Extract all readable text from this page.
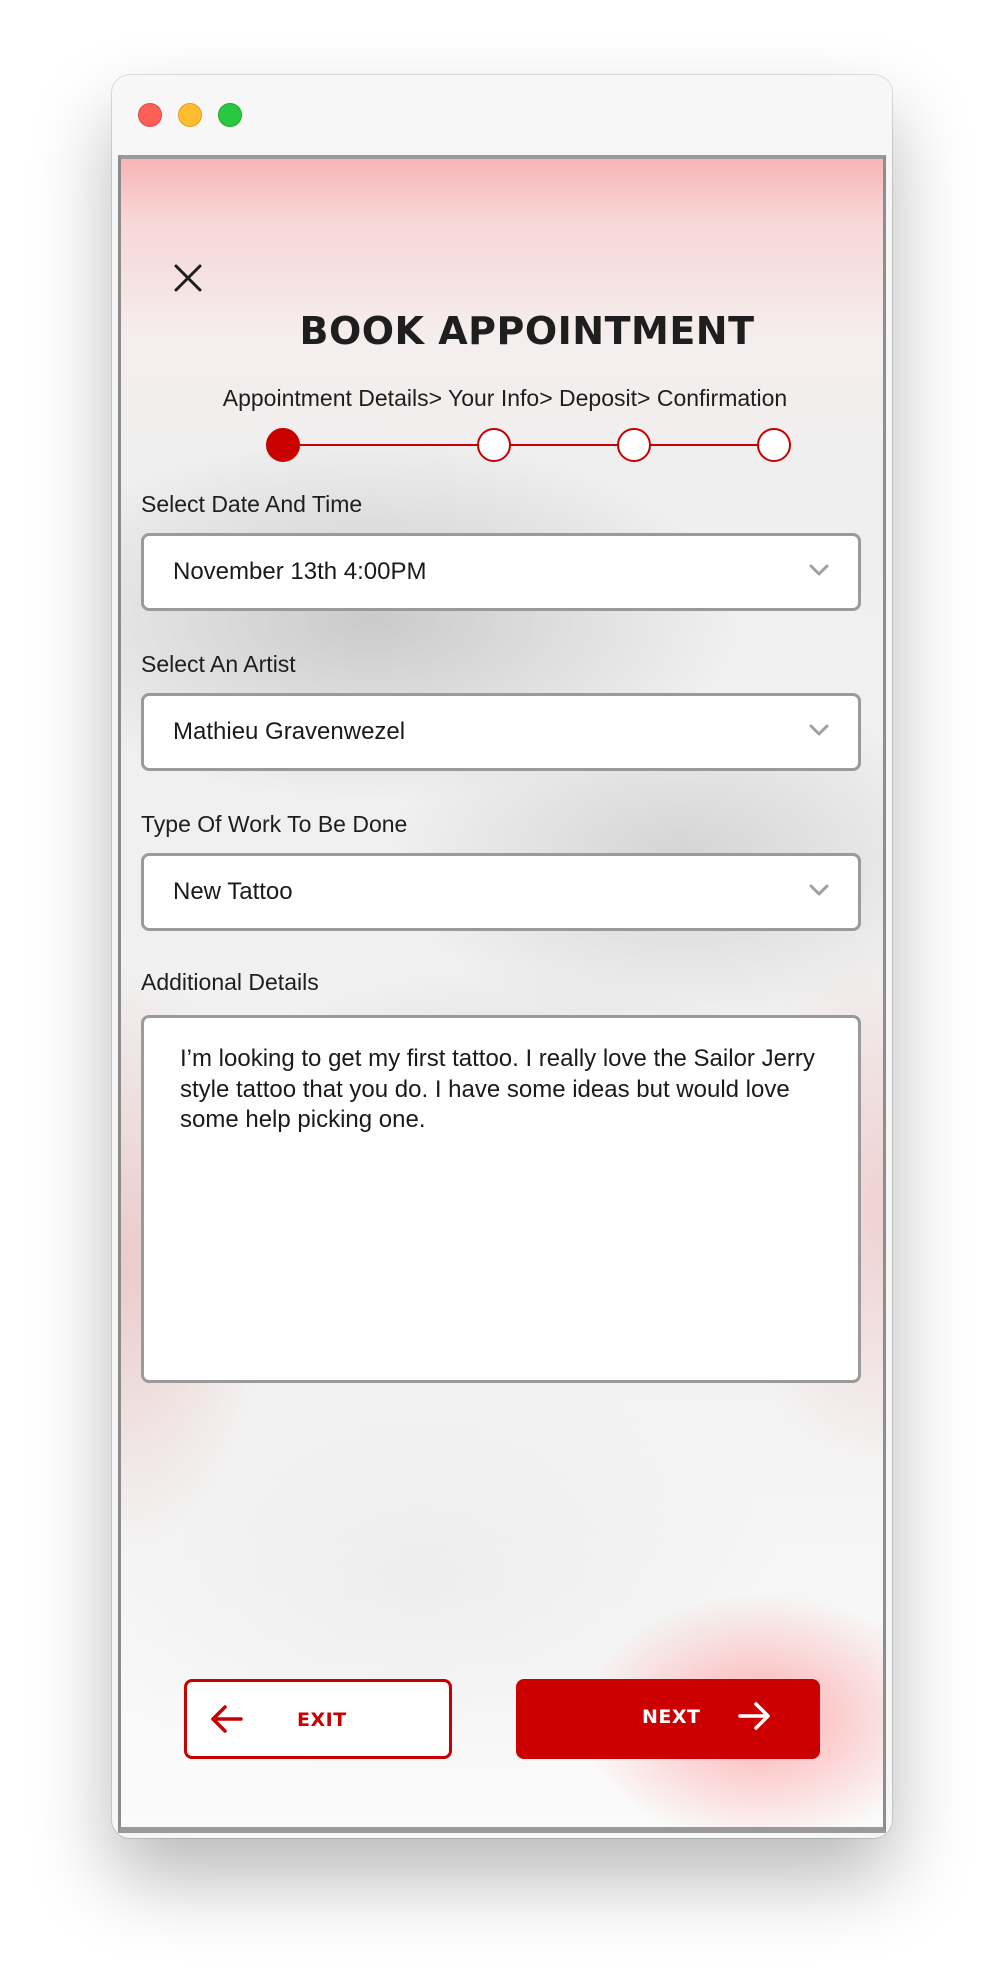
BOOK APPOINTMENT
Appointment Details> Your Info> Deposit> Confirmation
Select Date And Time
November 13th 4:00PM
Select An Artist
Mathieu Gravenwezel
Type Of Work To Be Done
New Tattoo
Additional Details
I’m looking to get my first tattoo. I really love the Sailor Jerry style tattoo that you do. I have some ideas but would love some help picking one.
EXIT	NEXT
